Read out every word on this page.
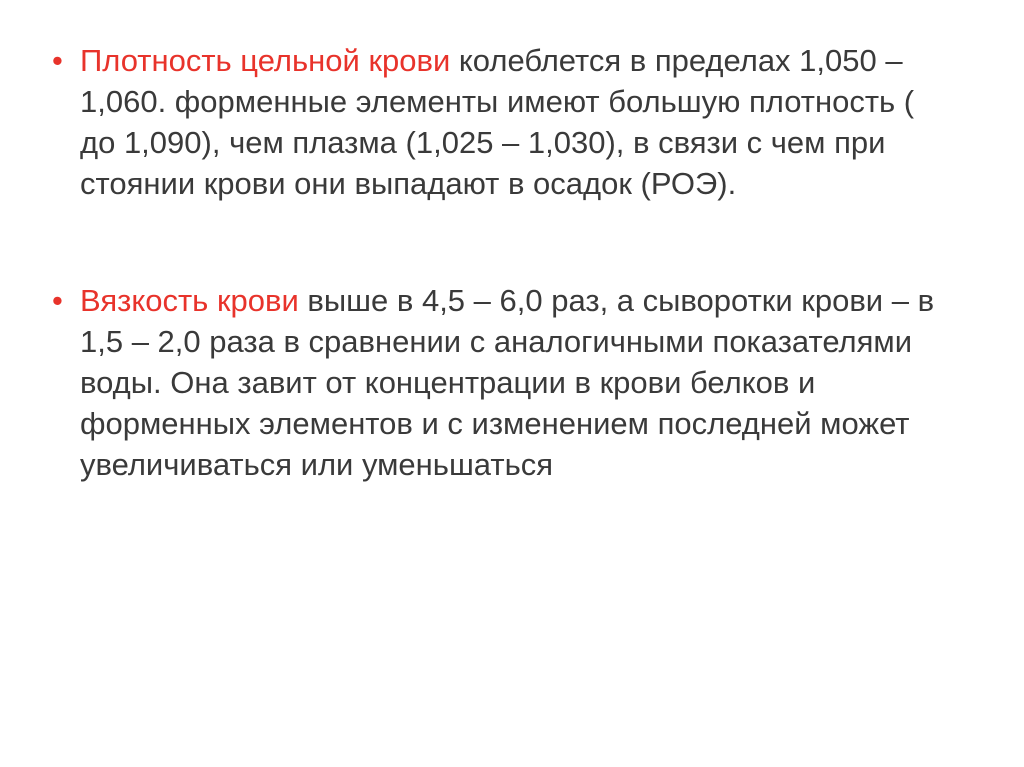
• Плотность цельной крови колеблется в пределах 1,050 – 1,060. форменные элементы имеют большую плотность ( до 1,090), чем плазма (1,025 – 1,030), в связи с чем при стоянии крови они выпадают в осадок (РОЭ).
• Вязкость крови выше в 4,5 – 6,0 раз, а сыворотки крови – в 1,5 – 2,0 раза в сравнении с аналогичными показателями воды. Она завит от концентрации в крови белков и форменных элементов и с изменением последней может увеличиваться или уменьшаться
